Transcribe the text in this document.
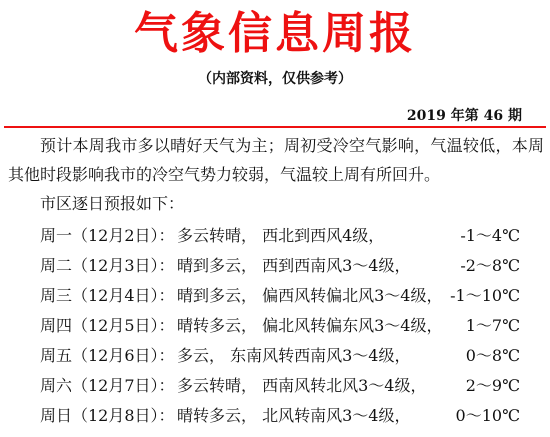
气象信息周报
（内部资料，仅供参考）
2019 年第 46 期
预计本周我市多以晴好天气为主；周初受冷空气影响，气温较低，本周其他时段影响我市的冷空气势力较弱，气温较上周有所回升。
市区逐日预报如下：
周一（12月2日）： 多云转晴， 西北到西风4级，	-1～4℃
周二（12月3日）： 晴到多云， 西到西南风3～4级，	-2～8℃
周三（12月4日）： 晴到多云， 偏西风转偏北风3～4级， -1～10℃
周四（12月5日）： 晴转多云， 偏北风转偏东风3～4级， 1～7℃
周五（12月6日）： 多云， 东南风转西南风3～4级，	0～8℃
周六（12月7日）： 多云转晴， 西南风转北风3～4级， 2～9℃
周日（12月8日）： 晴转多云， 北风转南风3～4级，	0～10℃
